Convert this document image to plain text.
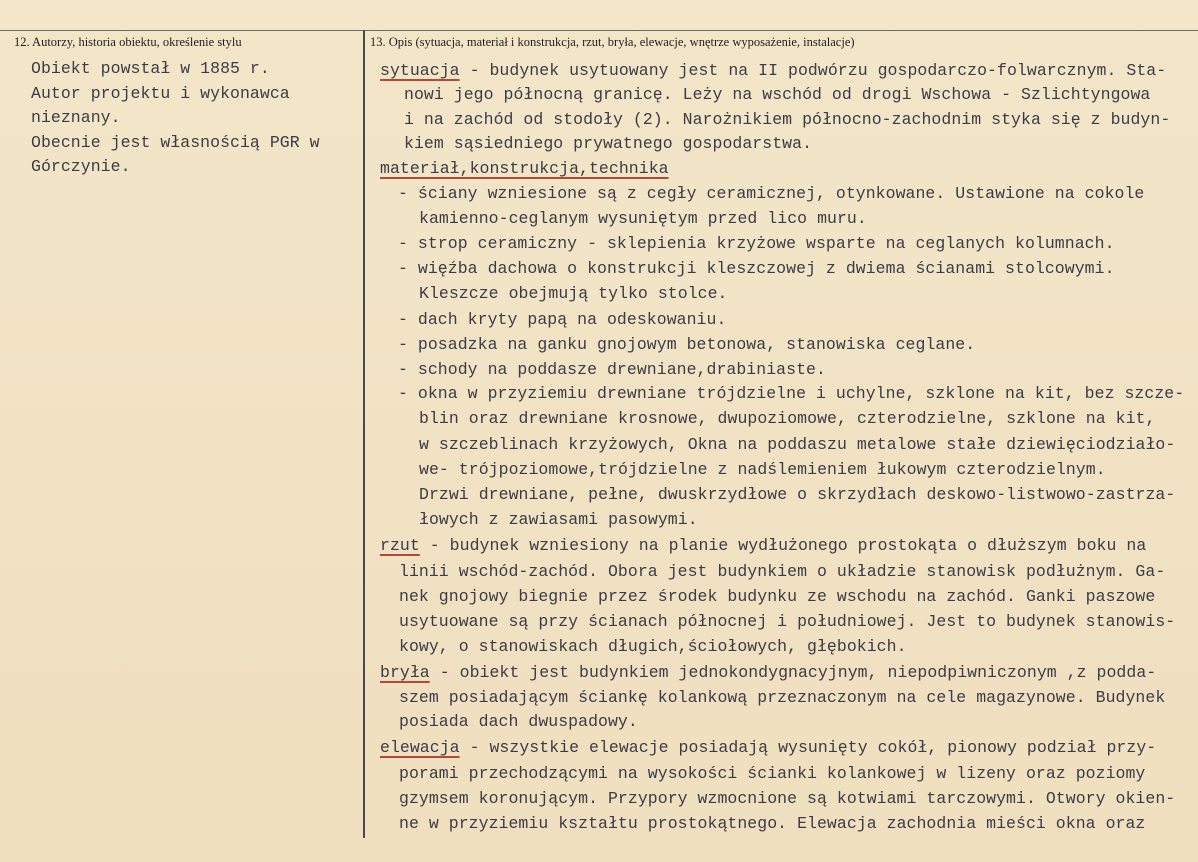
12. Autorzy, historia obiektu, określenie stylu	13. Opis (sytuacja, materiał i konstrukcja, rzut, bryła, elewacje, wnętrze wyposażenie, instalacje)
Obiekt powstał w 1885 r.
Autor projektu i wykonawca
nieznany.
Obecnie jest własnością PGR w
Górczynie.
sytuacja - budynek usytuowany jest na II podwórzu gospodarczo-folwarcznym. Sta-
nowi jego północną granicę. Leży na wschód od drogi Wschowa - Szlichtyngowa
i na zachód od stodoły (2). Narożnikiem północno-zachodnim styka się z budyn-
kiem sąsiedniego prywatnego gospodarstwa.
materiał,konstrukcja,technika
- ściany wzniesione są z cegły ceramicznej, otynkowane. Ustawione na cokole
kamienno-ceglanym wysuniętym przed lico muru.
- strop ceramiczny - sklepienia krzyżowe wsparte na ceglanych kolumnach.
- więźba dachowa o konstrukcji kleszczowej z dwiema ścianami stolcowymi.
Kleszcze obejmują tylko stolce.
- dach kryty papą na odeskowaniu.
- posadzka na ganku gnojowym betonowa, stanowiska ceglane.
- schody na poddasze drewniane,drabiniaste.
- okna w przyziemiu drewniane trójdzielne i uchylne, szklone na kit, bez szcze-
blin oraz drewniane krosnowe, dwupoziomowe, czterodzielne, szklone na kit,
w szczeblinach krzyżowych, Okna na poddaszu metalowe stałe dziewięciodziało-
we- trójpoziomowe,trójdzielne z nadślemieniem łukowym czterodzielnym.
Drzwi drewniane, pełne, dwuskrzydłowe o skrzydłach deskowo-listwowo-zastrza-
łowych z zawiasami pasowymi.
rzut - budynek wzniesiony na planie wydłużonego prostokąta o dłuższym boku na
linii wschód-zachód. Obora jest budynkiem o układzie stanowisk podłużnym. Ga-
nek gnojowy biegnie przez środek budynku ze wschodu na zachód. Ganki paszowe
usytuowane są przy ścianach północnej i południowej. Jest to budynek stanowis-
kowy, o stanowiskach długich,ściołowych, głębokich.
bryła - obiekt jest budynkiem jednokondygnacyjnym, niepodpiwniczonym ,z podda-
szem posiadającym ściankę kolankową przeznaczonym na cele magazynowe. Budynek
posiada dach dwuspadowy.
elewacja - wszystkie elewacje posiadają wysunięty cokół, pionowy podział przy-
porami przechodzącymi na wysokości ścianki kolankowej w lizeny oraz poziomy
gzymsem koronującym. Przypory wzmocnione są kotwiami tarczowymi. Otwory okien-
ne w przyziemiu kształtu prostokątnego. Elewacja zachodnia mieści okna oraz
